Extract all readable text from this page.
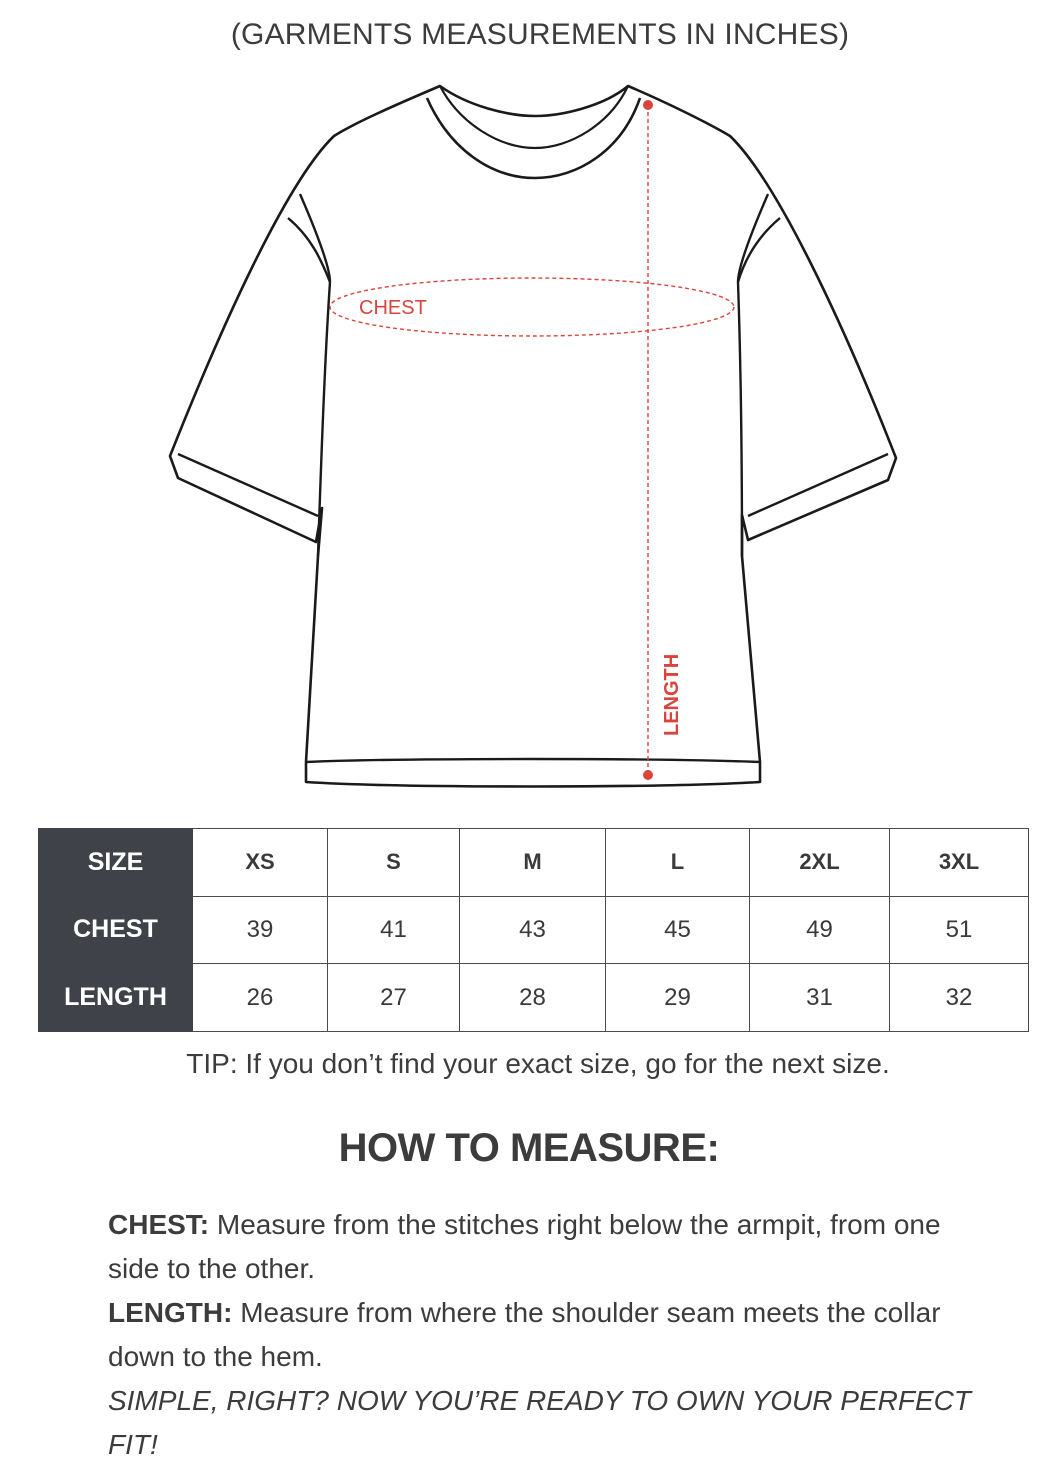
(GARMENTS MEASUREMENTS IN INCHES)
CHEST
LENGTH
SIZE	XS	S	M	L	2XL	3XL
CHEST	39	41	43	45	49	51
LENGTH	26	27	28	29	31	32
TIP: If you don’t find your exact size, go for the next size.
HOW TO MEASURE:

CHEST: Measure from the stitches right below the armpit, from one side to the other.

LENGTH: Measure from where the shoulder seam meets the collar down to the hem.

SIMPLE, RIGHT? NOW YOU’RE READY TO OWN YOUR PERFECT FIT!
